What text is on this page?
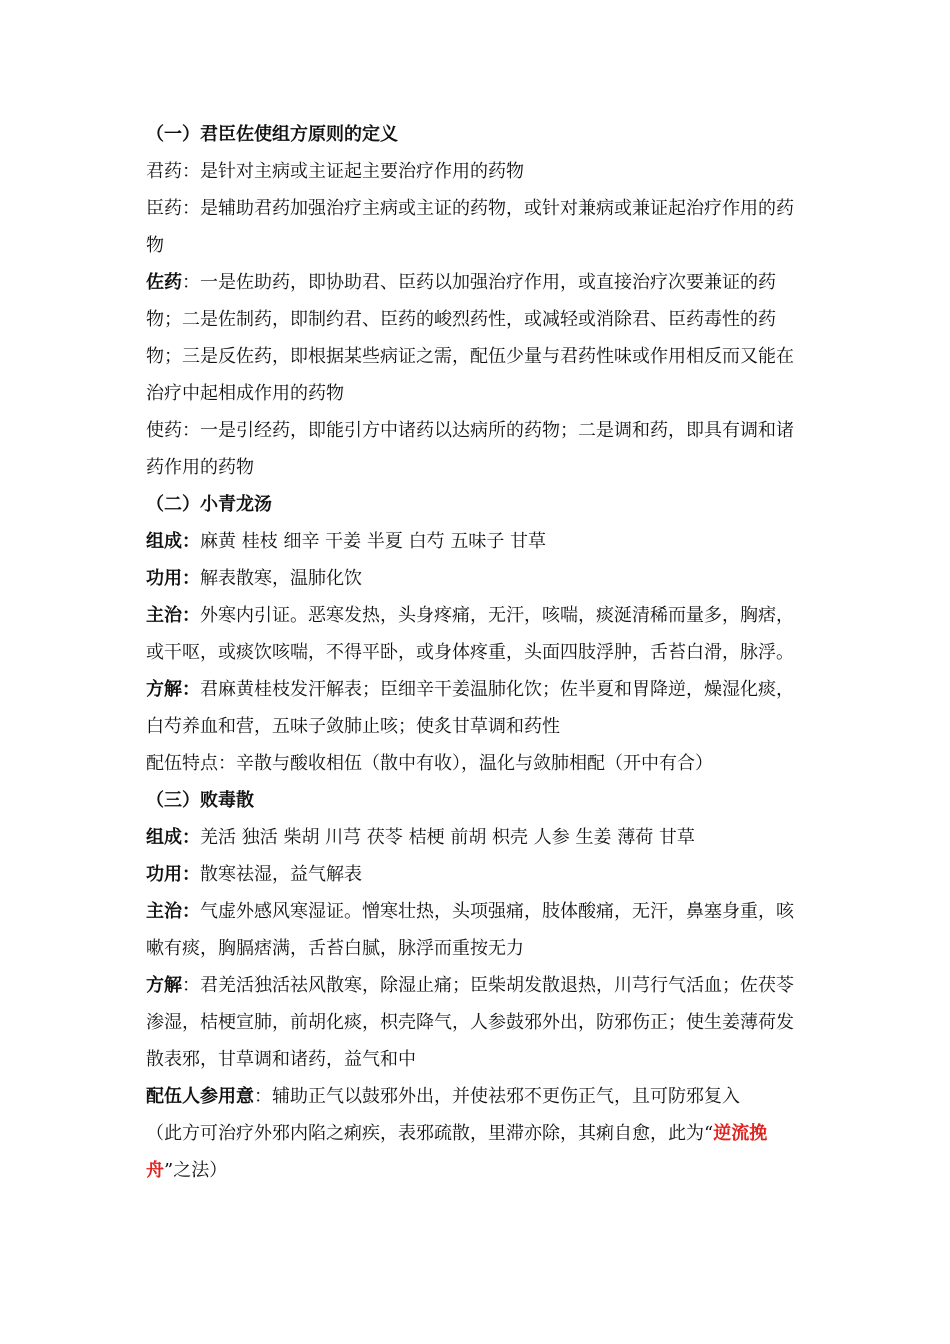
（一）君臣佐使组方原则的定义
君药：是针对主病或主证起主要治疗作用的药物
臣药：是辅助君药加强治疗主病或主证的药物，或针对兼病或兼证起治疗作用的药物
佐药：一是佐助药，即协助君、臣药以加强治疗作用，或直接治疗次要兼证的药物；二是佐制药，即制约君、臣药的峻烈药性，或减轻或消除君、臣药毒性的药物；三是反佐药，即根据某些病证之需，配伍少量与君药性味或作用相反而又能在治疗中起相成作用的药物
使药：一是引经药，即能引方中诸药以达病所的药物；二是调和药，即具有调和诸药作用的药物
（二）小青龙汤
组成：麻黄 桂枝 细辛 干姜 半夏 白芍 五味子 甘草
功用：解表散寒，温肺化饮
主治：外寒内引证。恶寒发热，头身疼痛，无汗，咳喘，痰涎清稀而量多，胸痞，或干呕，或痰饮咳喘，不得平卧，或身体疼重，头面四肢浮肿，舌苔白滑，脉浮。
方解：君麻黄桂枝发汗解表；臣细辛干姜温肺化饮；佐半夏和胃降逆，燥湿化痰，白芍养血和营，五味子敛肺止咳；使炙甘草调和药性
配伍特点：辛散与酸收相伍（散中有收），温化与敛肺相配（开中有合）
（三）败毒散
组成：羌活 独活 柴胡 川芎 茯苓 桔梗 前胡 枳壳 人参 生姜 薄荷 甘草
功用：散寒祛湿，益气解表
主治：气虚外感风寒湿证。憎寒壮热，头项强痛，肢体酸痛，无汗，鼻塞身重，咳嗽有痰，胸膈痞满，舌苔白腻，脉浮而重按无力
方解：君羌活独活祛风散寒，除湿止痛；臣柴胡发散退热，川芎行气活血；佐茯苓渗湿，桔梗宣肺，前胡化痰，枳壳降气，人参鼓邪外出，防邪伤正；使生姜薄荷发散表邪，甘草调和诸药，益气和中
配伍人参用意：辅助正气以鼓邪外出，并使祛邪不更伤正气，且可防邪复入
（此方可治疗外邪内陷之痢疾，表邪疏散，里滞亦除，其痢自愈，此为“逆流挽舟”之法）
